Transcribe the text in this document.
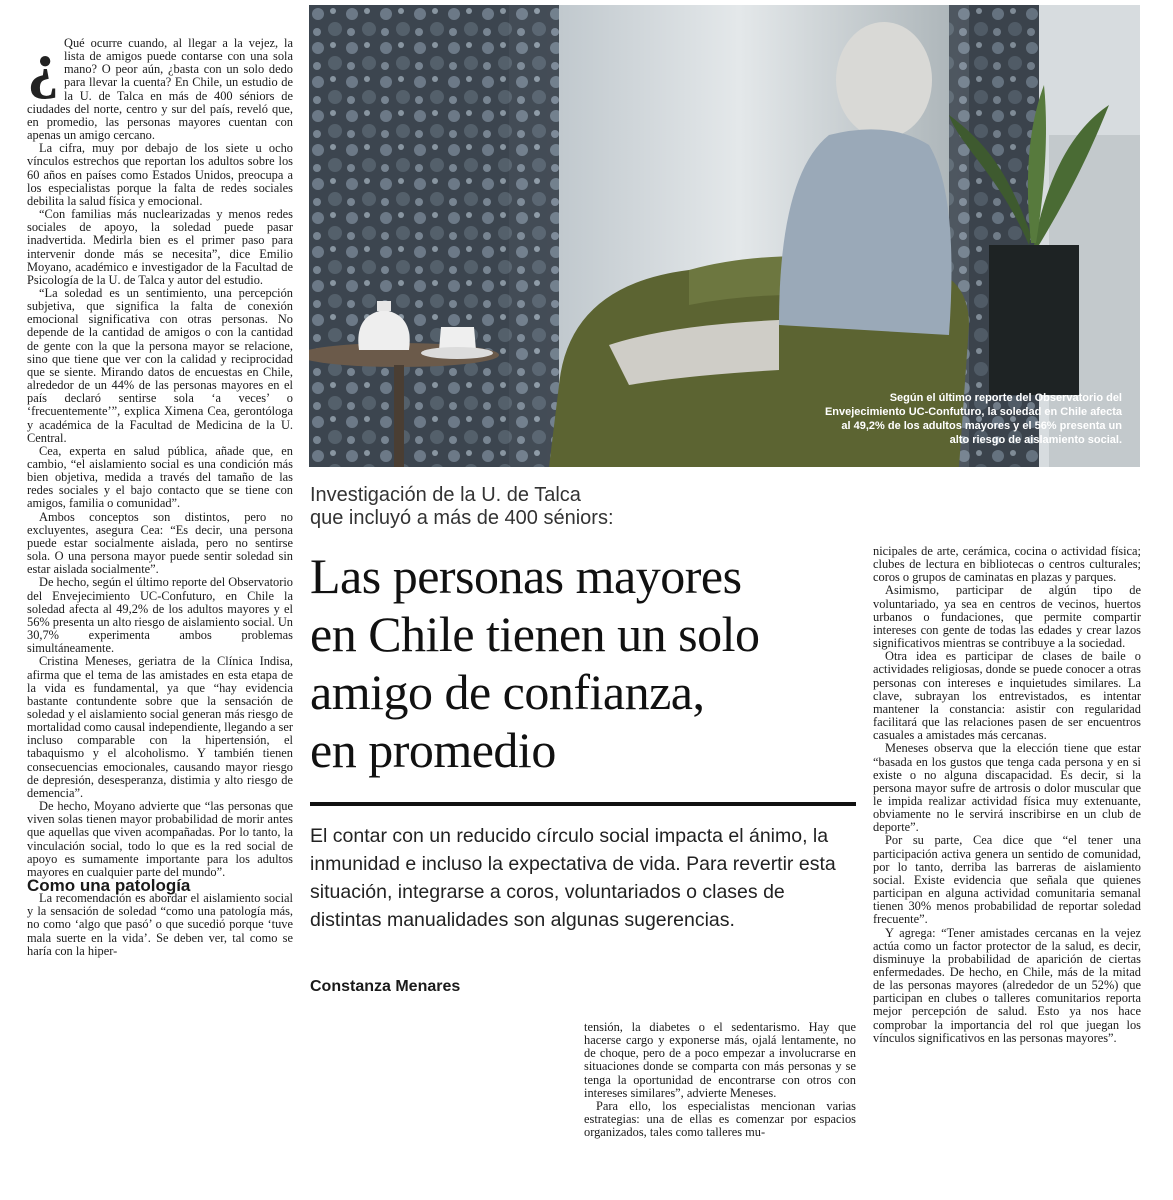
¿ Qué ocurre cuando, al llegar a la vejez, la lista de amigos puede contarse con una sola mano? O peor aún, ¿basta con un solo dedo para llevar la cuenta? En Chile, un estudio de la U. de Talca en más de 400 séniors de ciudades del norte, centro y sur del país, reveló que, en promedio, las personas mayores cuentan con apenas un amigo cercano.

La cifra, muy por debajo de los siete u ocho vínculos estrechos que reportan los adultos sobre los 60 años en países como Estados Unidos, preocupa a los especialistas porque la falta de redes sociales debilita la salud física y emocional.

“Con familias más nuclearizadas y menos redes sociales de apoyo, la soledad puede pasar inadvertida. Medirla bien es el primer paso para intervenir donde más se necesita”, dice Emilio Moyano, académico e investigador de la Facultad de Psicología de la U. de Talca y autor del estudio.

“La soledad es un sentimiento, una percepción subjetiva, que significa la falta de conexión emocional significativa con otras personas. No depende de la cantidad de amigos o con la cantidad de gente con la que la persona mayor se relacione, sino que tiene que ver con la calidad y reciprocidad que se siente. Mirando datos de encuestas en Chile, alrededor de un 44% de las personas mayores en el país declaró sentirse sola ‘a veces’ o ‘frecuentemente’”, explica Ximena Cea, gerontóloga y académica de la Facultad de Medicina de la U. Central.

Cea, experta en salud pública, añade que, en cambio, “el aislamiento social es una condición más bien objetiva, medida a través del tamaño de las redes sociales y el bajo contacto que se tiene con amigos, familia o comunidad”.

Ambos conceptos son distintos, pero no excluyentes, asegura Cea: “Es decir, una persona puede estar socialmente aislada, pero no sentirse sola. O una persona mayor puede sentir soledad sin estar aislada socialmente”.

De hecho, según el último reporte del Observatorio del Envejecimiento UC-Confuturo, en Chile la soledad afecta al 49,2% de los adultos mayores y el 56% presenta un alto riesgo de aislamiento social. Un 30,7% experimenta ambos problemas simultáneamente.

Cristina Meneses, geriatra de la Clínica Indisa, afirma que el tema de las amistades en esta etapa de la vida es fundamental, ya que “hay evidencia bastante contundente sobre que la sensación de soledad y el aislamiento social generan más riesgo de mortalidad como causal independiente, llegando a ser incluso comparable con la hipertensión, el tabaquismo y el alcoholismo. Y también tienen consecuencias emocionales, causando mayor riesgo de depresión, desesperanza, distimia y alto riesgo de demencia”.

De hecho, Moyano advierte que “las personas que viven solas tienen mayor probabilidad de morir antes que aquellas que viven acompañadas. Por lo tanto, la vinculación social, todo lo que es la red social de apoyo es sumamente importante para los adultos mayores en cualquier parte del mundo”.

Como una patología

La recomendación es abordar el aislamiento social y la sensación de soledad “como una patología más, no como ‘algo que pasó’ o que sucedió porque ‘tuve mala suerte en la vida’. Se deben ver, tal como se haría con la hiper-

Según el último reporte del Observatorio del Envejecimiento UC-Confuturo, la soledad en Chile afecta al 49,2% de los adultos mayores y el 56% presenta un alto riesgo de aislamiento social.
Investigación de la U. de Talca
que incluyó a más de 400 séniors:
Las personas mayores
en Chile tienen un solo
amigo de confianza,
en promedio
El contar con un reducido círculo social impacta el ánimo, la inmunidad e incluso la expectativa de vida. Para revertir esta situación, integrarse a coros, voluntariados o clases de distintas manualidades son algunas sugerencias.
Constanza Menares

tensión, la diabetes o el sedentarismo. Hay que hacerse cargo y exponerse más, ojalá lentamente, no de choque, pero de a poco empezar a involucrarse en situaciones donde se comparta con más personas y se tenga la oportunidad de encontrarse con otros con intereses similares”, advierte Meneses.

Para ello, los especialistas mencionan varias estrategias: una de ellas es comenzar por espacios organizados, tales como talleres mu-

nicipales de arte, cerámica, cocina o actividad física; clubes de lectura en bibliotecas o centros culturales; coros o grupos de caminatas en plazas y parques.

Asimismo, participar de algún tipo de voluntariado, ya sea en centros de vecinos, huertos urbanos o fundaciones, que permite compartir intereses con gente de todas las edades y crear lazos significativos mientras se contribuye a la sociedad.

Otra idea es participar de clases de baile o actividades religiosas, donde se puede conocer a otras personas con intereses e inquietudes similares. La clave, subrayan los entrevistados, es intentar mantener la constancia: asistir con regularidad facilitará que las relaciones pasen de ser encuentros casuales a amistades más cercanas.

Meneses observa que la elección tiene que estar “basada en los gustos que tenga cada persona y en si existe o no alguna discapacidad. Es decir, si la persona mayor sufre de artrosis o dolor muscular que le impida realizar actividad física muy extenuante, obviamente no le servirá inscribirse en un club de deporte”.

Por su parte, Cea dice que “el tener una participación activa genera un sentido de comunidad, por lo tanto, derriba las barreras de aislamiento social. Existe evidencia que señala que quienes participan en alguna actividad comunitaria semanal tienen 30% menos probabilidad de reportar soledad frecuente”.

Y agrega: “Tener amistades cercanas en la vejez actúa como un factor protector de la salud, es decir, disminuye la probabilidad de aparición de ciertas enfermedades. De hecho, en Chile, más de la mitad de las personas mayores (alrededor de un 52%) que participan en clubes o talleres comunitarios reporta mejor percepción de salud. Esto ya nos hace comprobar la importancia del rol que juegan los vínculos significativos en las personas mayores”.
